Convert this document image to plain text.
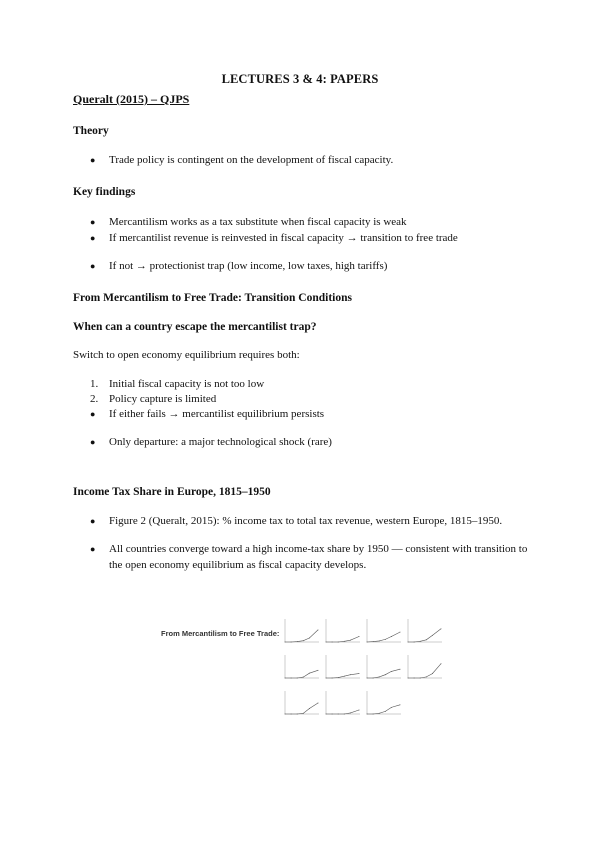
LECTURES 3 & 4: PAPERS
Queralt (2015) – QJPS
Theory
●	Trade policy is contingent on the development of fiscal capacity.
Key findings
●	Mercantilism works as a tax substitute when fiscal capacity is weak
●	If mercantilist revenue is reinvested in fiscal capacity → transition to free trade
●	If not → protectionist trap (low income, low taxes, high tariffs)
From Mercantilism to Free Trade: Transition Conditions
When can a country escape the mercantilist trap?
Switch to open economy equilibrium requires both:
1. Initial fiscal capacity is not too low
2. Policy capture is limited
●	If either fails → mercantilist equilibrium persists
●	Only departure: a major technological shock (rare)
Income Tax Share in Europe, 1815–1950
●	Figure 2 (Queralt, 2015): % income tax to total tax revenue, western Europe, 1815–1950.
●	All countries converge toward a high income-tax share by 1950 — consistent with transition to the open economy equilibrium as fiscal capacity develops.
From Mercantilism to Free Trade:
